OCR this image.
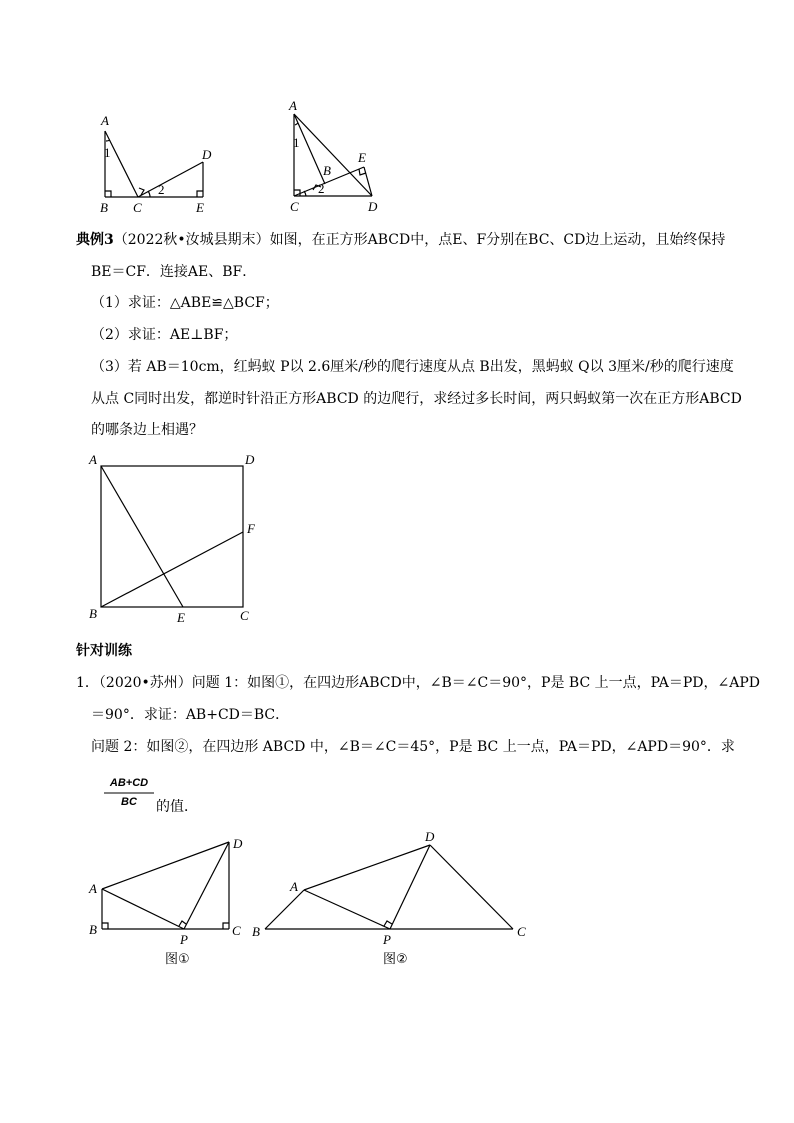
A
1	D
2
B C	E
A
1
E
B
2
C	D
典例3（2022秋•汝城县期末）如图，在正方形ABCD中，点E、F分别在BC、CD边上运动，且始终保持
BE＝CF．连接AE、BF．
（1）求证：△ABE≌△BCF；
（2）求证：AE⊥BF；
（3）若 AB＝10cm，红蚂蚁 P以 2.6厘米/秒的爬行速度从点 B出发，黑蚂蚁 Q以 3厘米/秒的爬行速度
从点 C同时出发，都逆时针沿正方形ABCD 的边爬行，求经过多长时间，两只蚂蚁第一次在正方形ABCD
的哪条边上相遇？
A	D
F
B	E	C
针对训练
1．（2020•苏州）问题 1：如图①，在四边形ABCD中，∠B＝∠C＝90°，P是 BC 上一点，PA＝PD，∠APD
＝90°．求证：AB+CD＝BC．
问题 2：如图②，在四边形 ABCD 中，∠B＝∠C＝45°，P是 BC 上一点，PA＝PD，∠APD＝90°．求
AB+CD
BC	的值．
D
A
B
P
C
图①
D
A
B
P
C
图②
